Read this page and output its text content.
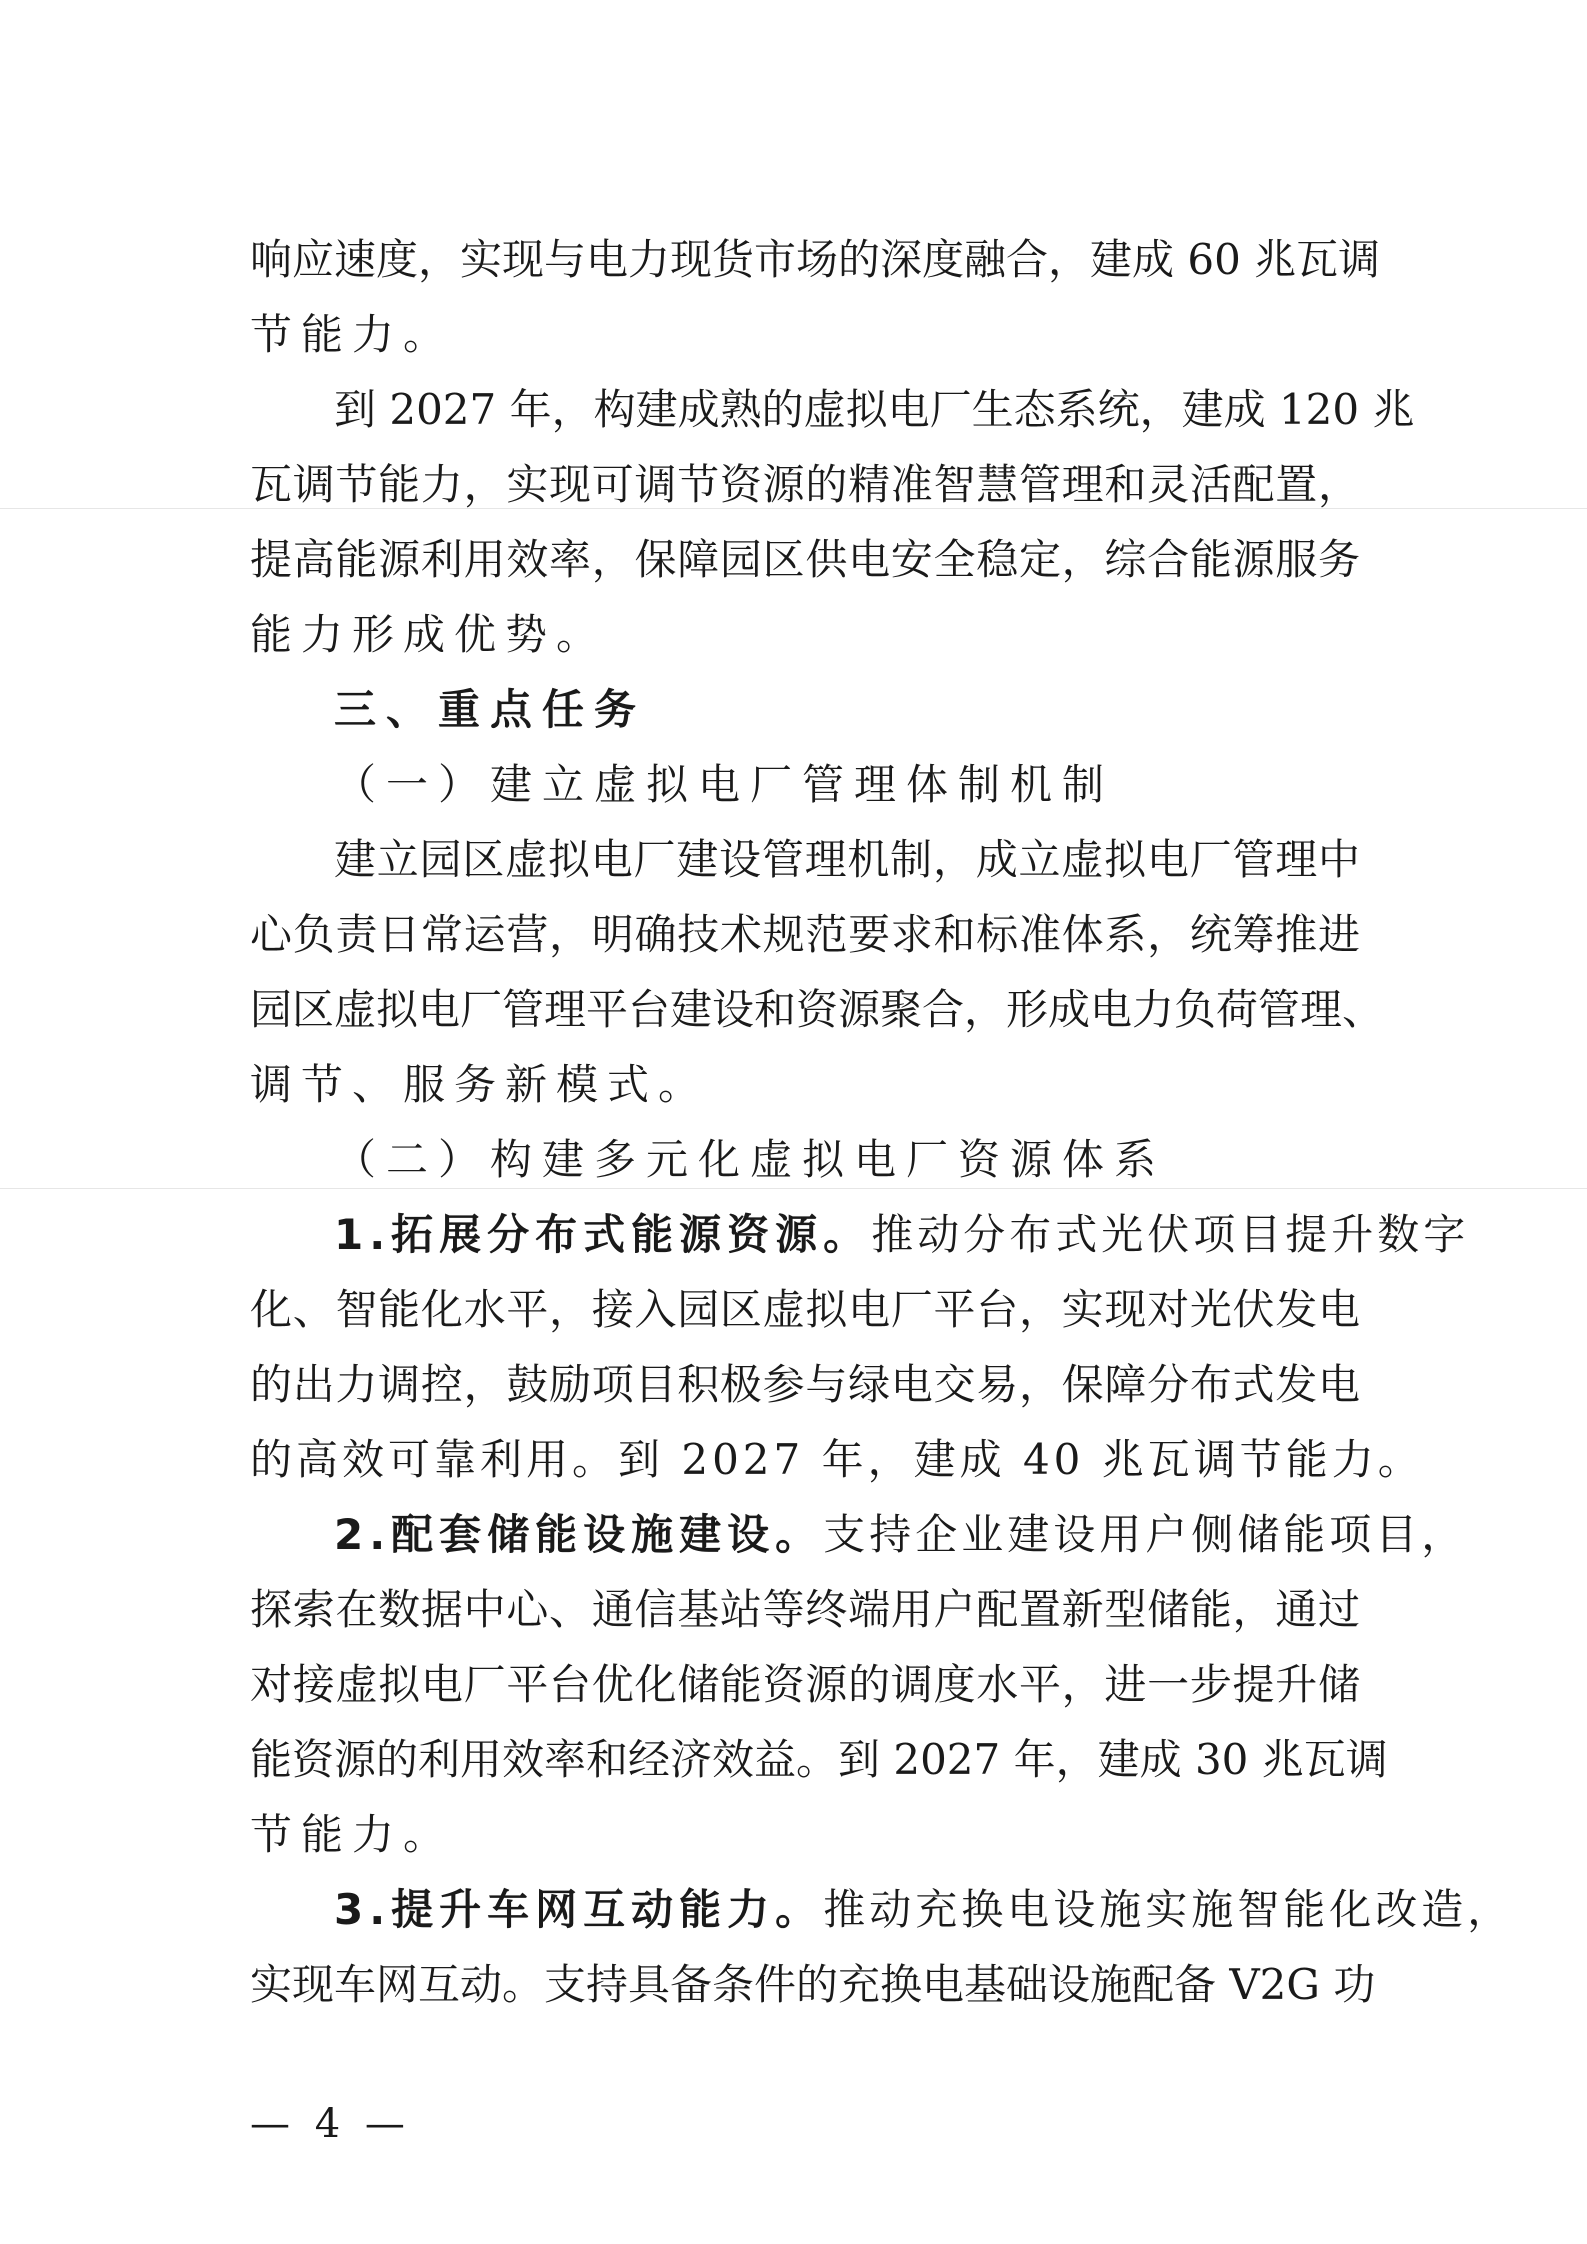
响应速度，实现与电力现货市场的深度融合，建成 60 兆瓦调
节能力。
到 2027 年，构建成熟的虚拟电厂生态系统，建成 120 兆
瓦调节能力，实现可调节资源的精准智慧管理和灵活配置，
提高能源利用效率，保障园区供电安全稳定，综合能源服务
能力形成优势。
三、重点任务
（一）建立虚拟电厂管理体制机制
建立园区虚拟电厂建设管理机制，成立虚拟电厂管理中
心负责日常运营，明确技术规范要求和标准体系，统筹推进
园区虚拟电厂管理平台建设和资源聚合，形成电力负荷管理、
调节、服务新模式。
（二）构建多元化虚拟电厂资源体系
1.拓展分布式能源资源。推动分布式光伏项目提升数字
化、智能化水平，接入园区虚拟电厂平台，实现对光伏发电
的出力调控，鼓励项目积极参与绿电交易，保障分布式发电
的高效可靠利用。到 2027 年，建成 40 兆瓦调节能力。
2.配套储能设施建设。支持企业建设用户侧储能项目，
探索在数据中心、通信基站等终端用户配置新型储能，通过
对接虚拟电厂平台优化储能资源的调度水平，进一步提升储
能资源的利用效率和经济效益。到 2027 年，建成 30 兆瓦调
节能力。
3.提升车网互动能力。推动充换电设施实施智能化改造，
实现车网互动。支持具备条件的充换电基础设施配备 V2G 功
— 4 —
